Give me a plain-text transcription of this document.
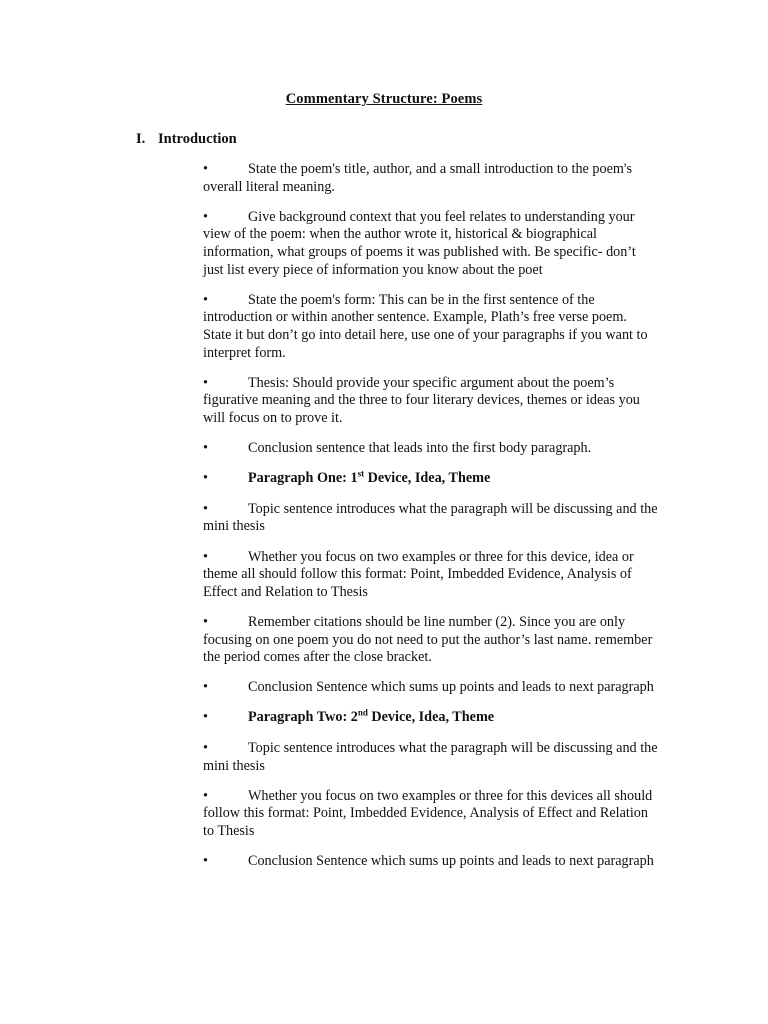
Commentary Structure: Poems
I. Introduction
•	State the poem's title, author, and a small introduction to the poem's overall literal meaning.
•	Give background context that you feel relates to understanding your view of the poem: when the author wrote it, historical & biographical information, what groups of poems it was published with. Be specific- don’t just list every piece of information you know about the poet
•	State the poem's form: This can be in the first sentence of the introduction or within another sentence. Example, Plath’s free verse poem. State it but don’t go into detail here, use one of your paragraphs if you want to interpret form.
•	Thesis: Should provide your specific argument about the poem’s figurative meaning and the three to four literary devices, themes or ideas you will focus on to prove it.
•	Conclusion sentence that leads into the first body paragraph.
•	Paragraph One: 1st Device, Idea, Theme
•	Topic sentence introduces what the paragraph will be discussing and the mini thesis
•	Whether you focus on two examples or three for this device, idea or theme all should follow this format: Point, Imbedded Evidence, Analysis of Effect and Relation to Thesis
•	Remember citations should be line number (2). Since you are only focusing on one poem you do not need to put the author’s last name. remember the period comes after the close bracket.
•	Conclusion Sentence which sums up points and leads to next paragraph
•	Paragraph Two: 2nd Device, Idea, Theme
•	Topic sentence introduces what the paragraph will be discussing and the mini thesis
•	Whether you focus on two examples or three for this devices all should follow this format: Point, Imbedded Evidence, Analysis of Effect and Relation to Thesis
•	Conclusion Sentence which sums up points and leads to next paragraph
